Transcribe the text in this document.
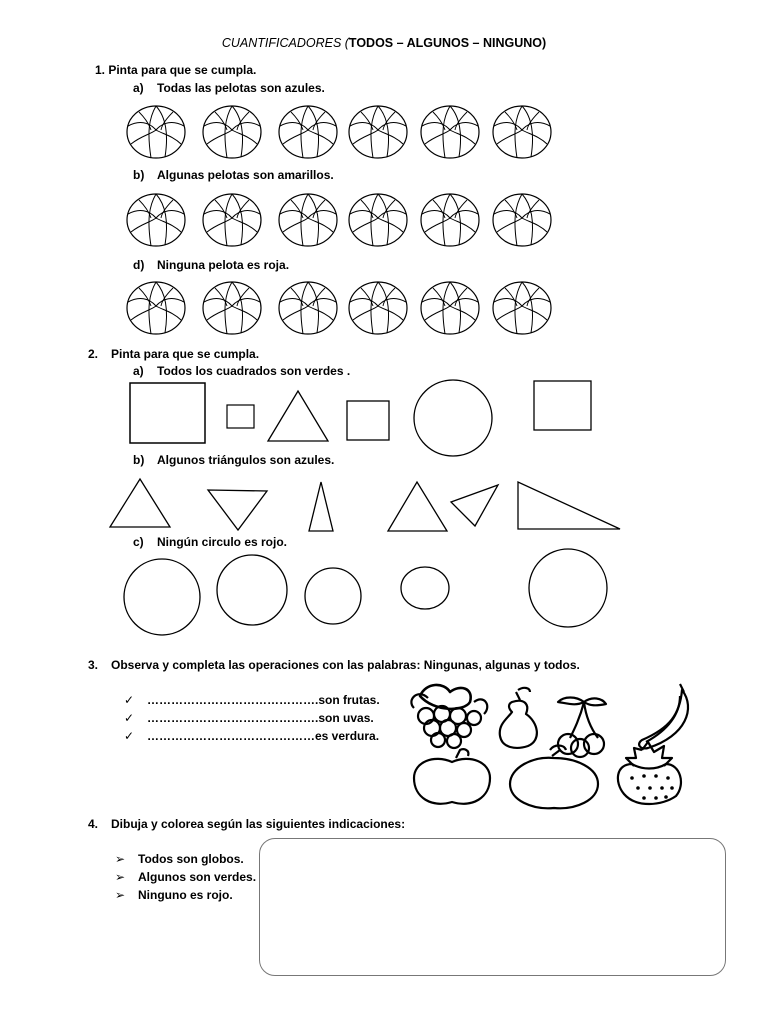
CUANTIFICADORES (TODOS – ALGUNOS – NINGUNO)
1. Pinta para que se cumpla.
a) Todas las pelotas son azules.
b) Algunas pelotas son amarillos.
d) Ninguna pelota es roja.
2. Pinta para que se cumpla.
a) Todos los cuadrados son verdes .
b) Algunos triángulos son azules.
c) Ningún circulo es rojo.
3. Observa y completa las operaciones con las palabras: Ningunas, algunas y todos.
✓ …………………………………….son frutas.
✓ …………………………………….son uvas.
✓ ……………………………………es verdura.
4. Dibuja y colorea según las siguientes indicaciones:
➢ Todos son globos.
➢ Algunos son verdes.
➢ Ninguno es rojo.
